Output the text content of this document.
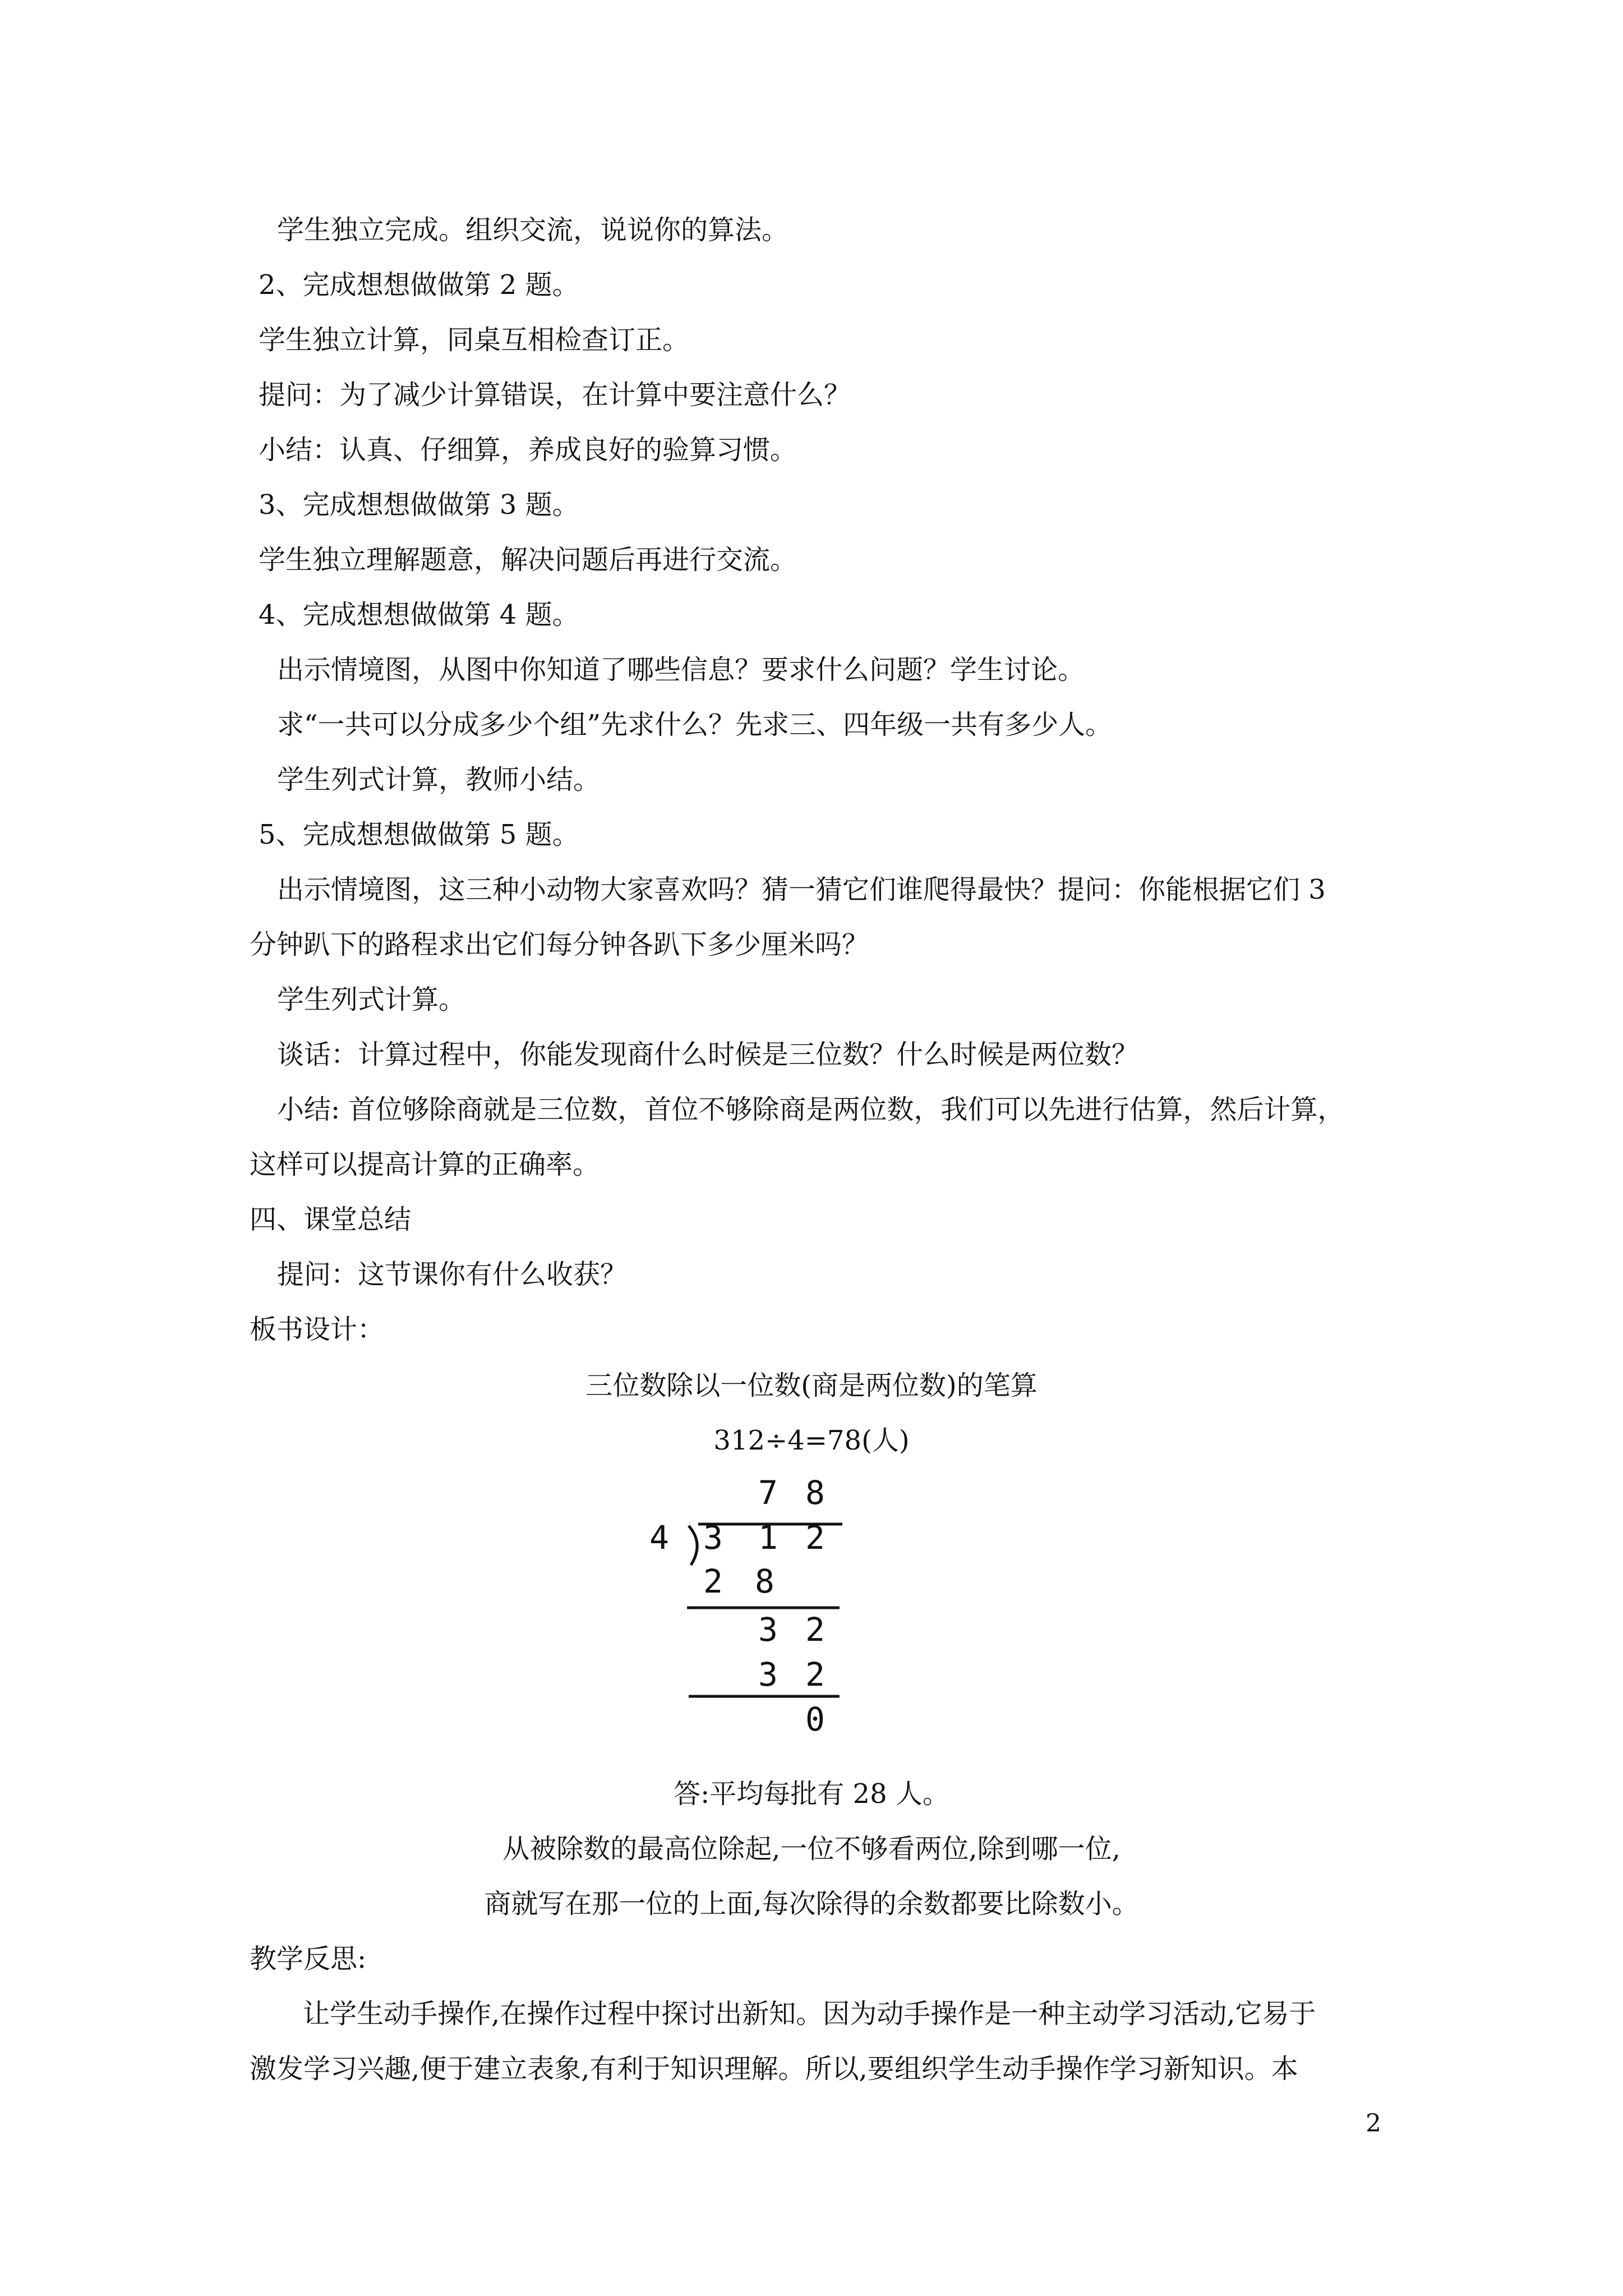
学生独立完成。组织交流，说说你的算法。

2、完成想想做做第 2 题。

学生独立计算，同桌互相检查订正。

提问：为了减少计算错误，在计算中要注意什么？

小结：认真、仔细算，养成良好的验算习惯。

3、完成想想做做第 3 题。

学生独立理解题意，解决问题后再进行交流。

4、完成想想做做第 4 题。

出示情境图，从图中你知道了哪些信息？要求什么问题？学生讨论。

求“一共可以分成多少个组”先求什么？先求三、四年级一共有多少人。

学生列式计算，教师小结。

5、完成想想做做第 5 题。

出示情境图，这三种小动物大家喜欢吗？猜一猜它们谁爬得最快？提问：你能根据它们 3

分钟趴下的路程求出它们每分钟各趴下多少厘米吗？

学生列式计算。

谈话：计算过程中，你能发现商什么时候是三位数？什么时候是两位数？

小结: 首位够除商就是三位数，首位不够除商是两位数，我们可以先进行估算，然后计算，

这样可以提高计算的正确率。

四、课堂总结

提问：这节课你有什么收获？

板书设计：

三位数除以一位数(商是两位数)的笔算

312÷4=78(人)

7 8
4 3 1 2
2 8
3 2
3 2
0

答:平均每批有 28 人。

从被除数的最高位除起,一位不够看两位,除到哪一位,

商就写在那一位的上面,每次除得的余数都要比除数小。

教学反思:

让学生动手操作,在操作过程中探讨出新知。因为动手操作是一种主动学习活动,它易于

激发学习兴趣,便于建立表象,有利于知识理解。所以,要组织学生动手操作学习新知识。本

2
